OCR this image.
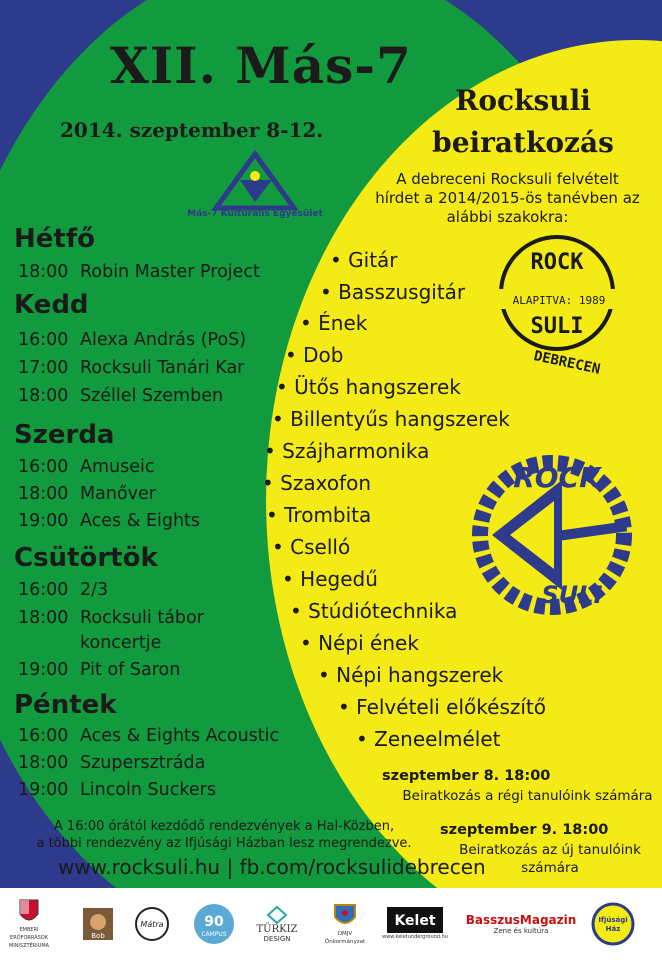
XII. Más-7
2014. szeptember 8-12.
Más-7 Kulturális Egyesület
Hétfő
18:00 Robin Master Project
Kedd
16:00 Alexa András (PoS)
17:00 Rocksuli Tanári Kar
18:00 Széllel Szemben
Szerda
16:00 Amuseic
18:00 Manőver
19:00 Aces & Eights
Csütörtök
16:00 2/3
18:00 Rocksuli tábor
koncertje
19:00 Pit of Saron
Péntek
16:00 Aces & Eights Acoustic
18:00 Szupersztráda
19:00 Lincoln Suckers
A 16:00 órától kezdődő rendezvények a Hal-Közben,
a többi rendezvény az Ifjúsági Házban lesz megrendezve.
www.rocksuli.hu | fb.com/rocksulidebrecen
Rocksuli
beiratkozás
A debreceni Rocksuli felvételt
hírdet a 2014/2015-ös tanévben az
alábbi szakokra:
• Gitár
• Basszusgitár
• Ének
• Dob
• Ütős hangszerek
• Billentyűs hangszerek
• Szájharmonika
• Szaxofon
• Trombita
• Cselló
• Hegedű
• Stúdiótechnika
• Népi ének
• Népi hangszerek
• Felvételi előkészítő
• Zeneelmélet
ROCK
ALAPITVA: 1989
SULI
DEBRECEN
ROCK
SULI
szeptember 8. 18:00
Beiratkozás a régi tanulóink számára
szeptember 9. 18:00
Beiratkozás az új tanulóink
számára
EMBERI ERŐFORRÁSOK MINISZTÉRIUMA
Bob
Mátra	90
CAMPUS	TÜRKIZ
DESIGN
DMJV Önkormányzat
Kelet
www.keletunderground.hu
BasszusMagazin
Zene és kultúra
Ifjúsági
Ház
